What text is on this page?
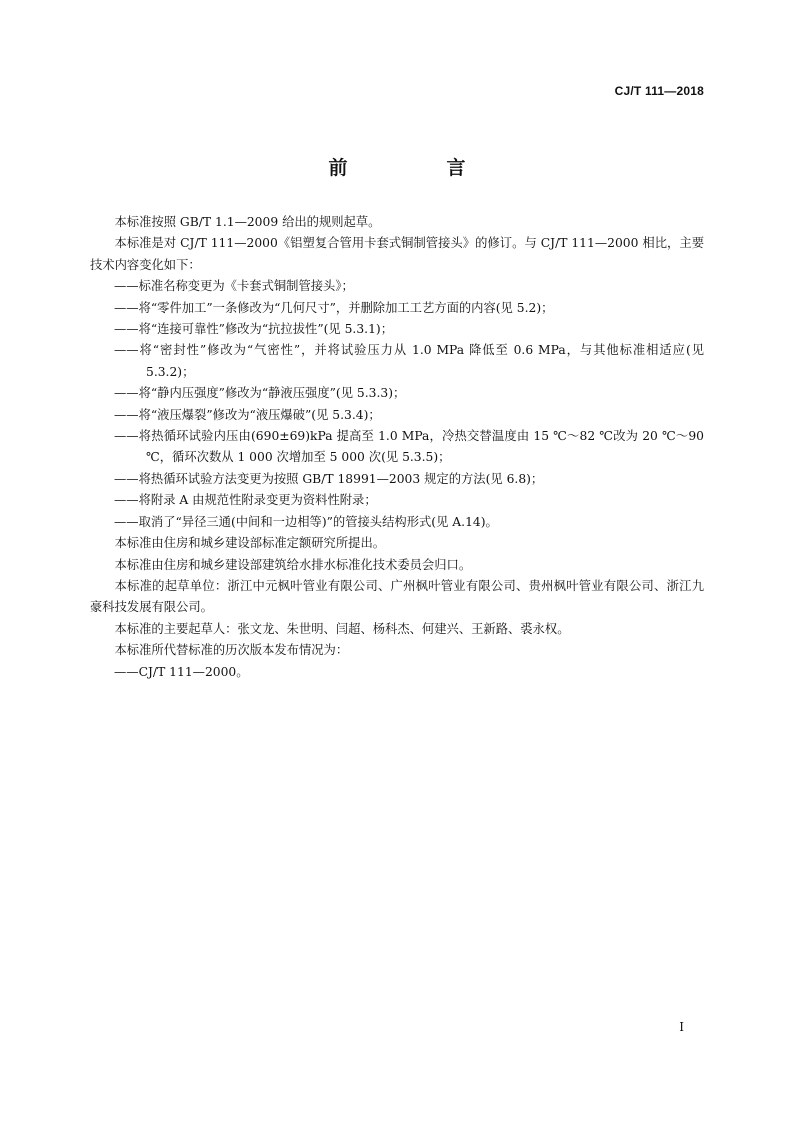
CJ/T 111—2018
前　言

本标准按照 GB/T 1.1—2009 给出的规则起草。

本标准是对 CJ/T 111—2000《铝塑复合管用卡套式铜制管接头》的修订。与 CJ/T 111—2000 相比，主要技术内容变化如下：

——标准名称变更为《卡套式铜制管接头》；

——将“零件加工”一条修改为“几何尺寸”，并删除加工工艺方面的内容(见 5.2)；

——将“连接可靠性”修改为“抗拉拔性”(见 5.3.1)；

——将“密封性”修改为“气密性”，并将试验压力从 1.0 MPa 降低至 0.6 MPa，与其他标准相适应(见 5.3.2)；

——将“静内压强度”修改为“静液压强度”(见 5.3.3)；

——将“液压爆裂”修改为“液压爆破”(见 5.3.4)；

——将热循环试验内压由(690±69)kPa 提高至 1.0 MPa，冷热交替温度由 15 ℃～82 ℃改为 20 ℃～90 ℃，循环次数从 1 000 次增加至 5 000 次(见 5.3.5)；

——将热循环试验方法变更为按照 GB/T 18991—2003 规定的方法(见 6.8)；

——将附录 A 由规范性附录变更为资料性附录；

——取消了“异径三通(中间和一边相等)”的管接头结构形式(见 A.14)。

本标准由住房和城乡建设部标准定额研究所提出。

本标准由住房和城乡建设部建筑给水排水标准化技术委员会归口。

本标准的起草单位：浙江中元枫叶管业有限公司、广州枫叶管业有限公司、贵州枫叶管业有限公司、浙江九豪科技发展有限公司。

本标准的主要起草人：张文龙、朱世明、闫超、杨科杰、何建兴、王新路、裘永权。

本标准所代替标准的历次版本发布情况为：

——CJ/T 111—2000。

I
